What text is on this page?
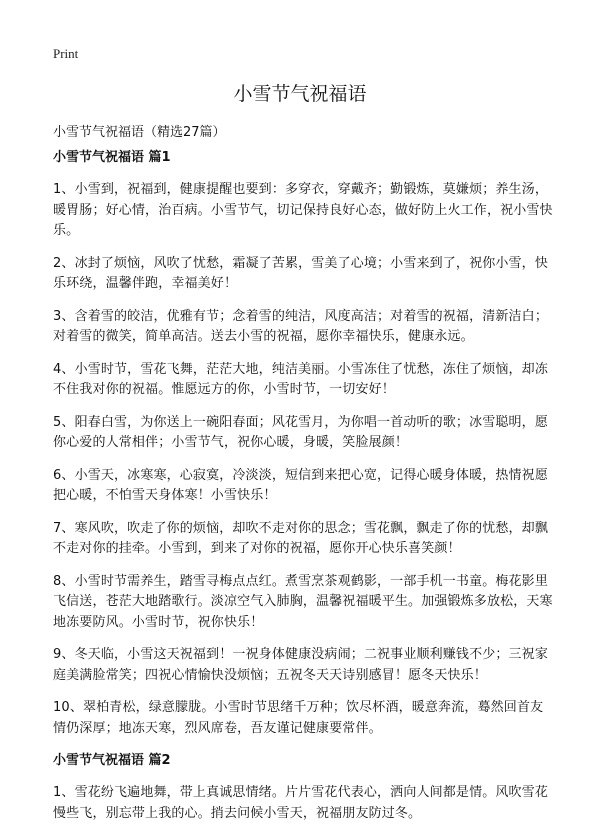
Print
小雪节气祝福语

小雪节气祝福语（精选27篇）

小雪节气祝福语 篇1

1、小雪到，祝福到，健康提醒也要到：多穿衣，穿戴齐；勤锻炼，莫嫌烦；养生汤，暖胃肠；好心情，治百病。小雪节气，切记保持良好心态，做好防上火工作，祝小雪快乐。

2、冰封了烦恼，风吹了忧愁，霜凝了苦累，雪美了心境；小雪来到了，祝你小雪，快乐环绕，温馨伴跑，幸福美好！

3、含着雪的皎洁，优雅有节；念着雪的纯洁，风度高洁；对着雪的祝福，清新洁白；对着雪的微笑，简单高洁。送去小雪的祝福，愿你幸福快乐，健康永远。

4、小雪时节，雪花飞舞，茫茫大地，纯洁美丽。小雪冻住了忧愁，冻住了烦恼，却冻不住我对你的祝福。惟愿远方的你，小雪时节，一切安好！

5、阳春白雪，为你送上一碗阳春面；风花雪月，为你唱一首动听的歌；冰雪聪明，愿你心爱的人常相伴；小雪节气，祝你心暖，身暖，笑脸展颜！

6、小雪天，冰寒寒，心寂寞，冷淡淡，短信到来把心宽，记得心暖身体暖，热情祝愿把心暖，不怕雪天身体寒！小雪快乐！

7、寒风吹，吹走了你的烦恼，却吹不走对你的思念；雪花飘，飘走了你的忧愁，却飘不走对你的挂牵。小雪到，到来了对你的祝福，愿你开心快乐喜笑颜！

8、小雪时节需养生，踏雪寻梅点点红。煮雪烹茶观鹤影，一部手机一书童。梅花影里飞信送，苍茫大地踏歌行。淡凉空气入肺胸，温馨祝福暖平生。加强锻炼多放松，天寒地冻要防风。小雪时节，祝你快乐！

9、冬天临，小雪这天祝福到！一祝身体健康没病闹；二祝事业顺利赚钱不少；三祝家庭美满脸常笑；四祝心情愉快没烦恼；五祝冬天天诗别感冒！愿冬天快乐！

10、翠柏青松，绿意朦胧。小雪时节思绪千万种；饮尽杯酒，暖意奔流，蓦然回首友情仍深厚；地冻天寒，烈风席卷，吾友谨记健康要常伴。

小雪节气祝福语 篇2

1、雪花纷飞遍地舞，带上真诚思情绪。片片雪花代表心，洒向人间都是情。风吹雪花慢些飞，别忘带上我的心。捎去问候小雪天，祝福朋友防过冬。
